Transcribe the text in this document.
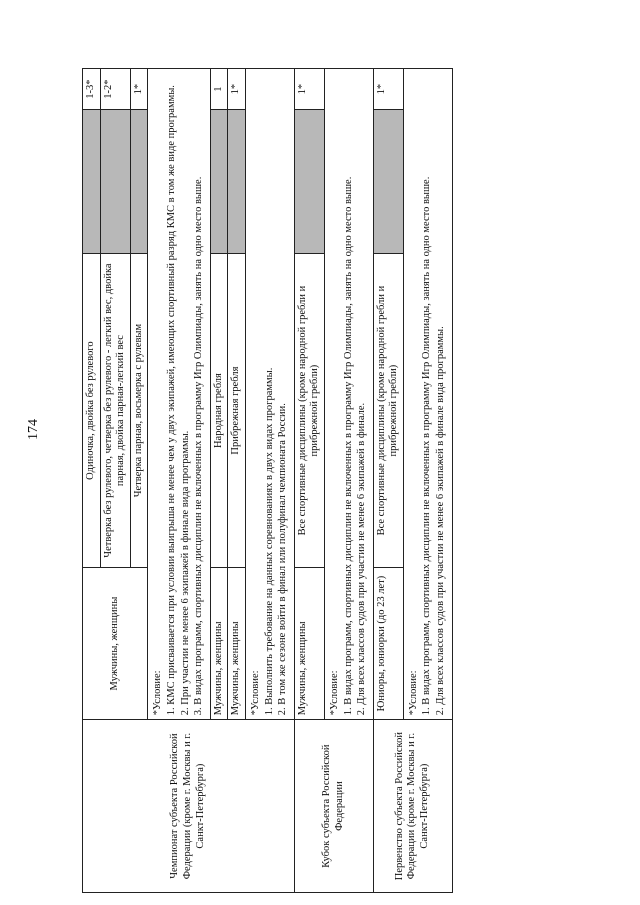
Чемпионат субъекта Российской Федерации (кроме г. Москвы и г. Санкт-Петербурга)	Мужчины, женщины	Одиночка, двойка без рулевого		1-3*
		Четверка без рулевого, четверка без рулевого - легкий вес, двойка парная, двойка парная-легкий вес		1-2*
		Четверка парная, восьмерка с рулевым		1*

	*Условие: 1. КМС присваивается при условии выигрыша не менее чем у двух экипажей, имеющих спортивный разряд КМС в том же виде программы. 2. При участии не менее 6 экипажей в финале вида программы. 3. В видах программ, спортивных дисциплин не включенных в программу Игр Олимпиады, занять на одно место выше.			

	Мужчины, женщины	Народная гребля		1
	Мужчины, женщины	Прибрежная гребля		1*

	*Условие: 1. Выполнить требование на данных соревнованиях в двух видах программы. 2. В том же сезоне войти в финал или полуфинал чемпионата России.			

Кубок субъекта Российской Федерации	Мужчины, женщины	Все спортивные дисциплины (кроме народной гребли и прибрежной гребли)		1*

	*Условие: 1. В видах программ, спортивных дисциплин не включенных в программу Игр Олимпиады, занять на одно место выше. 2. Для всех классов судов при участии не менее 6 экипажей в финале.			

Первенство субъекта Российской Федерации (кроме г. Москвы и г. Санкт-Петербурга)	Юниоры, юниорки (до 23 лет)	Все спортивные дисциплины (кроме народной гребли и прибрежной гребли)		1*

	*Условие: 1. В видах программ, спортивных дисциплин не включенных в программу Игр Олимпиады, занять на одно место выше. 2. Для всех классов судов при участии не менее 6 экипажей в финале вида программы.			
174
